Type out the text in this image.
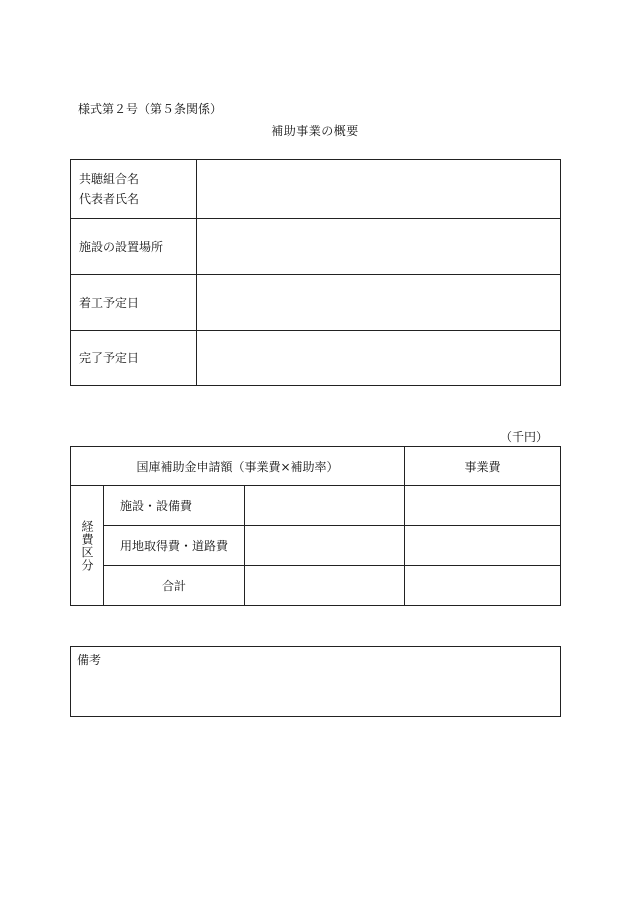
様式第２号（第５条関係）
補助事業の概要
共聴組合名
代表者氏名
施設の設置場所
着工予定日
完了予定日
（千円）
国庫補助金申請額（事業費×補助率）	事業費
経費区分
施設・設備費
用地取得費・道路費
合計
備考
